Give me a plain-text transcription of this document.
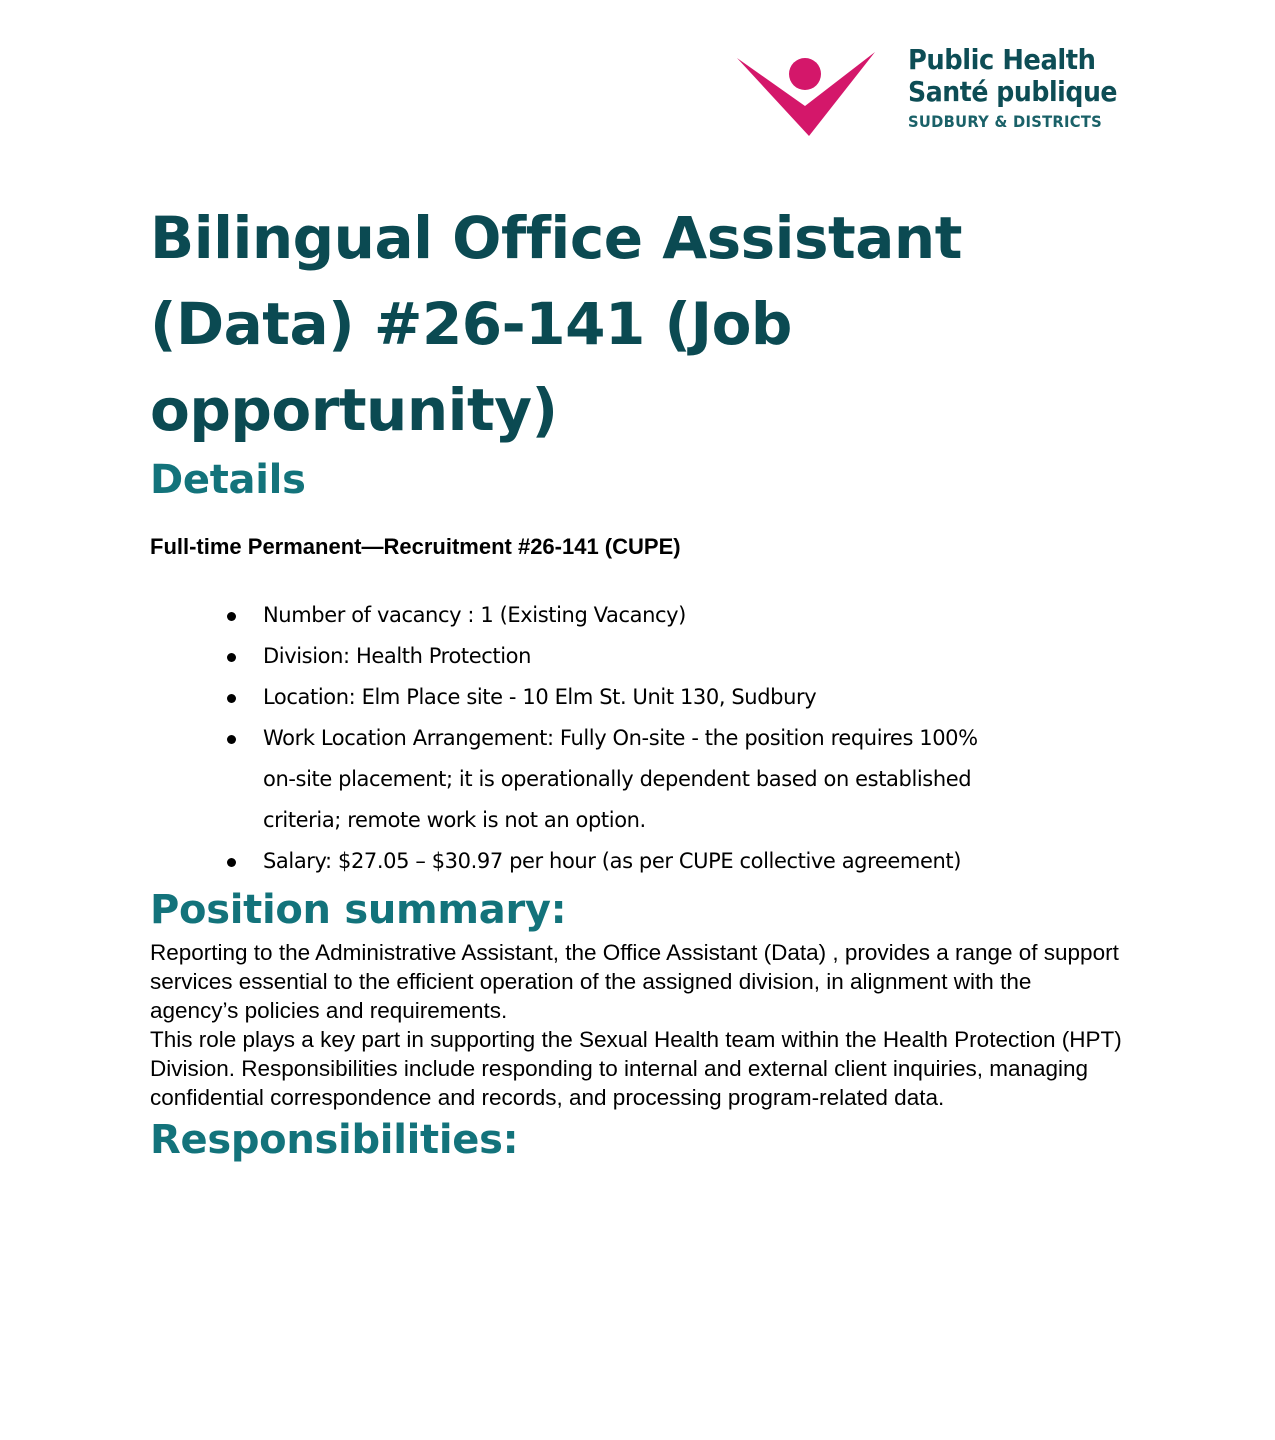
Public Health
Santé publique
SUDBURY & DISTRICTS
Bilingual Office Assistant (Data) #26-141 (Job opportunity)
Details
Full-time Permanent—Recruitment #26-141 (CUPE)
Number of vacancy : 1 (Existing Vacancy)
Division: Health Protection
Location: Elm Place site - 10 Elm St. Unit 130, Sudbury
Work Location Arrangement: Fully On-site - the position requires 100% on-site placement; it is operationally dependent based on established criteria; remote work is not an option.
Salary: $27.05 – $30.97 per hour (as per CUPE collective agreement)
Position summary:

Reporting to the Administrative Assistant, the Office Assistant (Data) , provides a range of support services essential to the efficient operation of the assigned division, in alignment with the agency’s policies and requirements.

This role plays a key part in supporting the Sexual Health team within the Health Protection (HPT) Division. Responsibilities include responding to internal and external client inquiries, managing confidential correspondence and records, and processing program-related data.

Responsibilities:
